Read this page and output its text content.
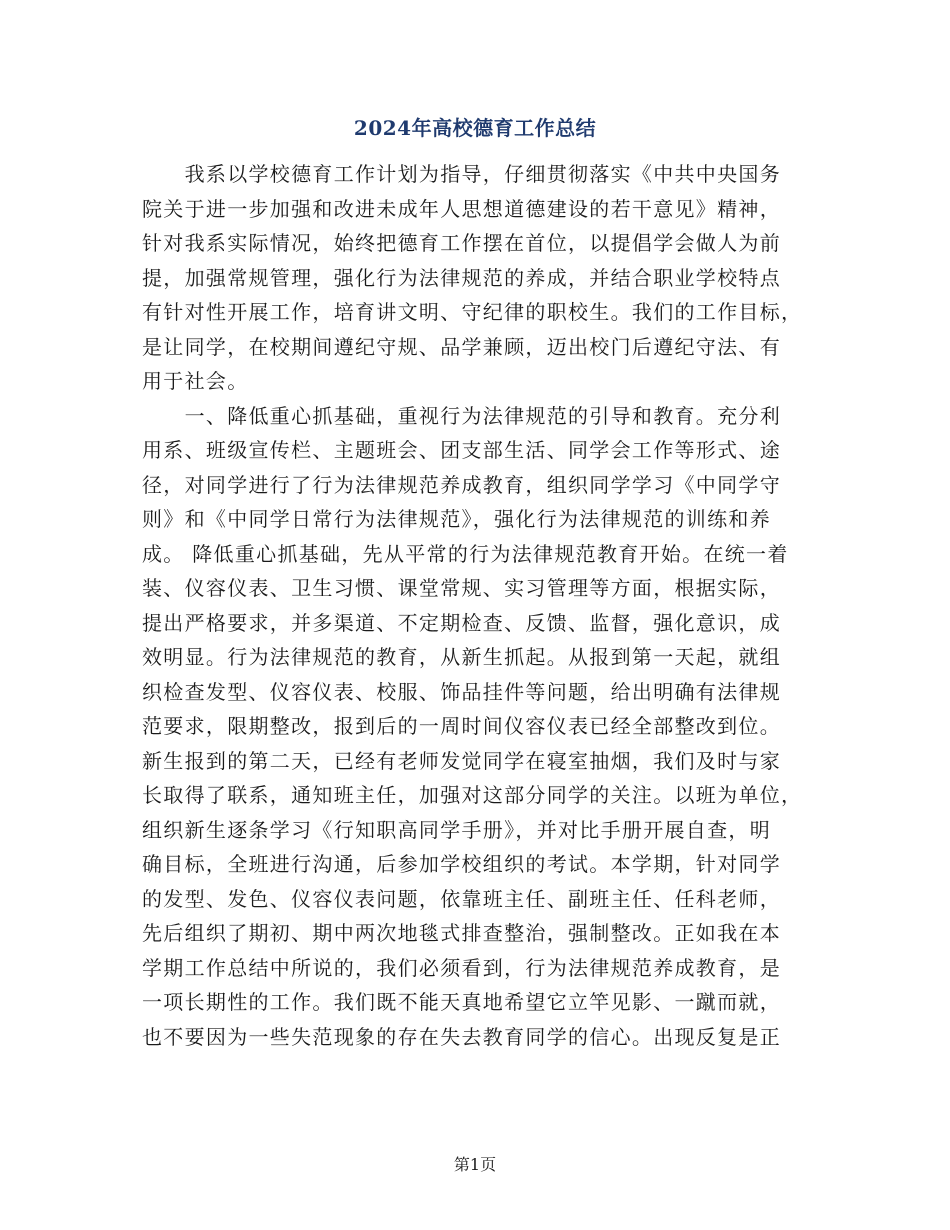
2024年高校德育工作总结
　　我系以学校德育工作计划为指导，仔细贯彻落实《中共中央国务
院关于进一步加强和改进未成年人思想道德建设的若干意见》精神，
针对我系实际情况，始终把德育工作摆在首位，以提倡学会做人为前
提，加强常规管理，强化行为法律规范的养成，并结合职业学校特点
有针对性开展工作，培育讲文明、守纪律的职校生。我们的工作目标，
是让同学，在校期间遵纪守规、品学兼顾，迈出校门后遵纪守法、有
用于社会。
　　一、降低重心抓基础，重视行为法律规范的引导和教育。充分利
用系、班级宣传栏、主题班会、团支部生活、同学会工作等形式、途
径，对同学进行了行为法律规范养成教育，组织同学学习《中同学守
则》和《中同学日常行为法律规范》，强化行为法律规范的训练和养
成。 降低重心抓基础，先从平常的行为法律规范教育开始。在统一着
装、仪容仪表、卫生习惯、课堂常规、实习管理等方面，根据实际，
提出严格要求，并多渠道、不定期检查、反馈、监督，强化意识，成
效明显。行为法律规范的教育，从新生抓起。从报到第一天起，就组
织检查发型、仪容仪表、校服、饰品挂件等问题，给出明确有法律规
范要求，限期整改，报到后的一周时间仪容仪表已经全部整改到位。
新生报到的第二天，已经有老师发觉同学在寝室抽烟，我们及时与家
长取得了联系，通知班主任，加强对这部分同学的关注。以班为单位，
组织新生逐条学习《行知职高同学手册》，并对比手册开展自查，明
确目标，全班进行沟通，后参加学校组织的考试。本学期，针对同学
的发型、发色、仪容仪表问题，依靠班主任、副班主任、任科老师，
先后组织了期初、期中两次地毯式排查整治，强制整改。正如我在本
学期工作总结中所说的，我们必须看到，行为法律规范养成教育，是
一项长期性的工作。我们既不能天真地希望它立竿见影、一蹴而就，
也不要因为一些失范现象的存在失去教育同学的信心。出现反复是正
第1页
